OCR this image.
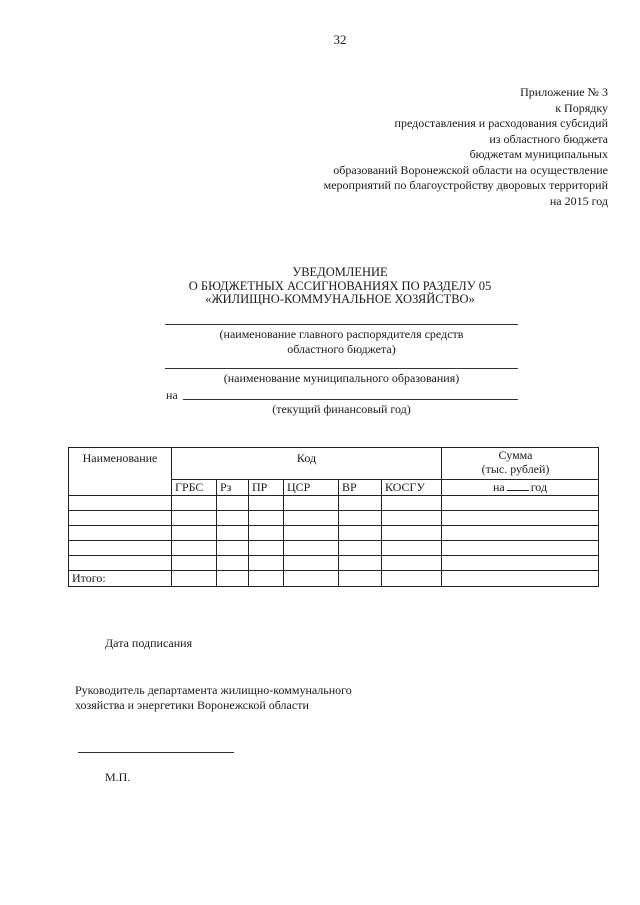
32
Приложение № 3
к Порядку
предоставления и расходования субсидий
из областного бюджета
бюджетам муниципальных
образований Воронежской области на осуществление
мероприятий по благоустройству дворовых территорий
на 2015 год
УВЕДОМЛЕНИЕ
О БЮДЖЕТНЫХ АССИГНОВАНИЯХ ПО РАЗДЕЛУ 05
«ЖИЛИЩНО-КОММУНАЛЬНОЕ ХОЗЯЙСТВО»
(наименование главного распорядителя средств
областного бюджета)
(наименование муниципального образования)
на
(текущий финансовый год)
Наименование	Код						Сумма
(тыс. рублей)

	ГРБС	Рз	ПР	ЦСР	ВР	КОСГУ	на год

Итого:							
Дата подписания
Руководитель департамента жилищно-коммунального
хозяйства и энергетики Воронежской области
М.П.
